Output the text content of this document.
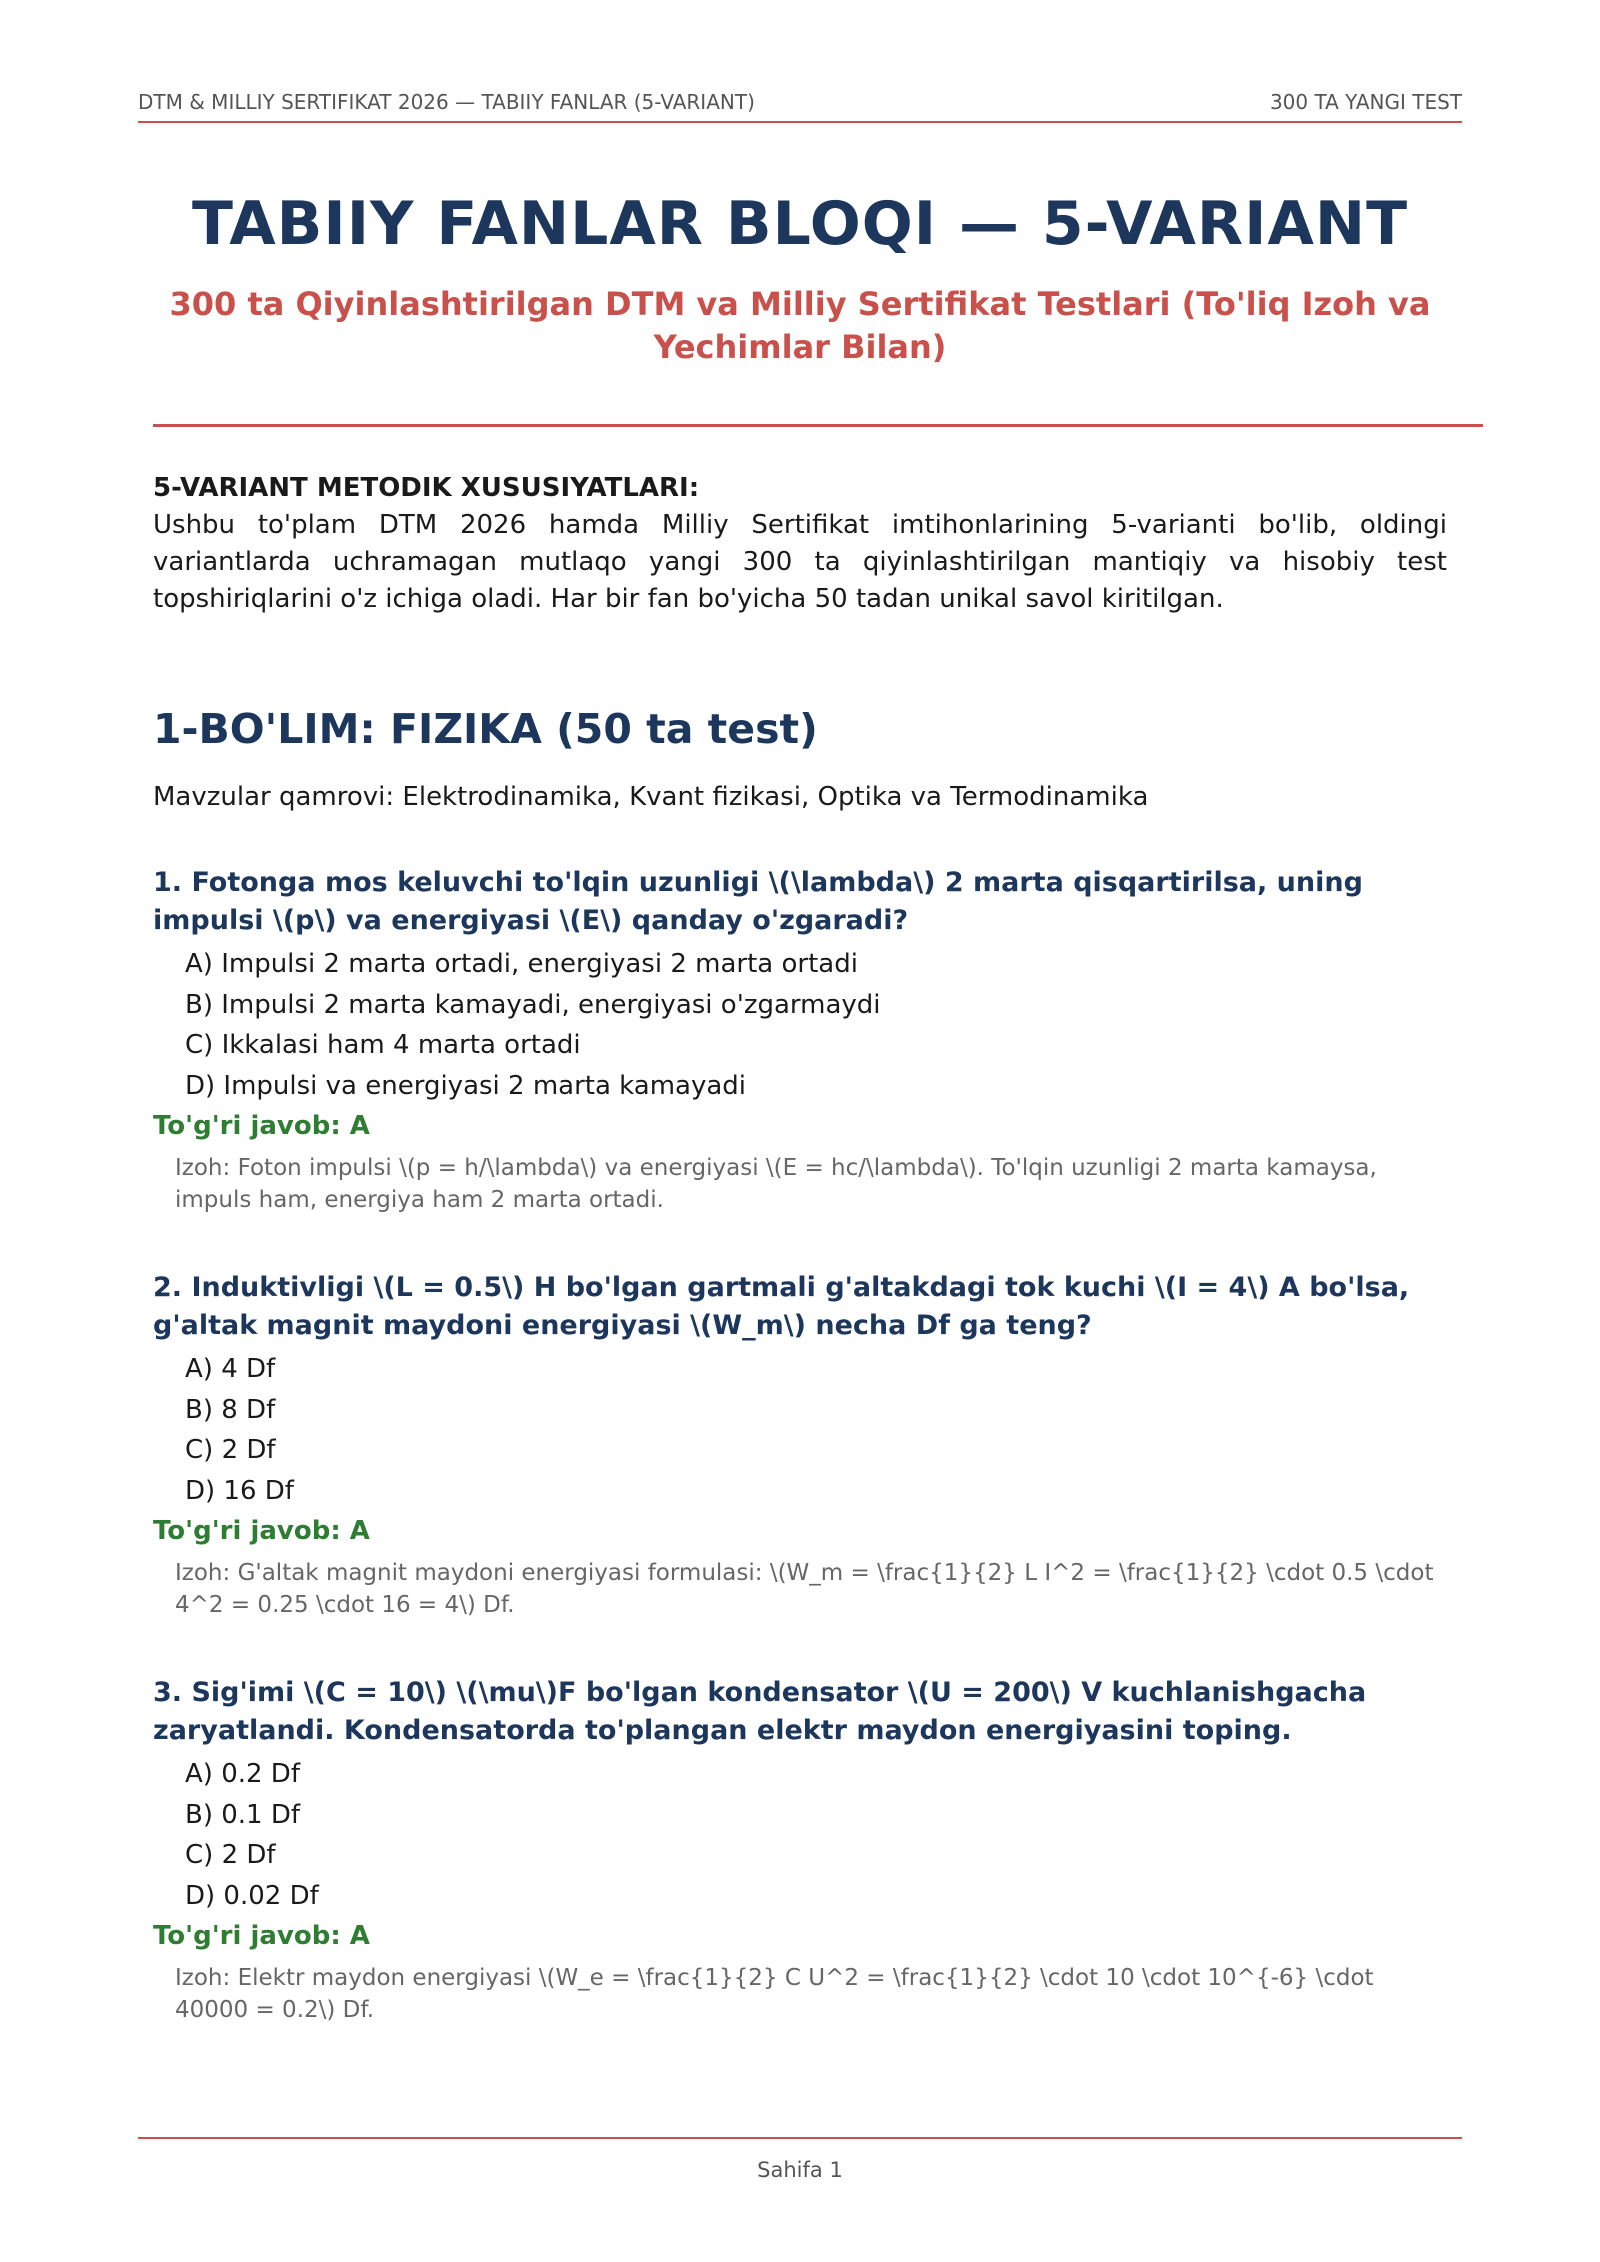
DTM & MILLIY SERTIFIKAT 2026 — TABIIY FANLAR (5-VARIANT)	300 TA YANGI TEST
TABIIY FANLAR BLOQI — 5-VARIANT
300 ta Qiyinlashtirilgan DTM va Milliy Sertifikat Testlari (To'liq Izoh va Yechimlar Bilan)
5-VARIANT METODIK XUSUSIYATLARI:
Ushbu to'plam DTM 2026 hamda Milliy Sertifikat imtihonlarining 5-varianti bo'lib, oldingi variantlarda uchramagan mutlaqo yangi 300 ta qiyinlashtirilgan mantiqiy va hisobiy test topshiriqlarini o'z ichiga oladi. Har bir fan bo'yicha 50 tadan unikal savol kiritilgan.
1-BO'LIM: FIZIKA (50 ta test)
Mavzular qamrovi: Elektrodinamika, Kvant fizikasi, Optika va Termodinamika
1. Fotonga mos keluvchi to'lqin uzunligi \(\lambda\) 2 marta qisqartirilsa, uning impulsi \(p\) va energiyasi \(E\) qanday o'zgaradi?
A) Impulsi 2 marta ortadi, energiyasi 2 marta ortadi
B) Impulsi 2 marta kamayadi, energiyasi o'zgarmaydi
C) Ikkalasi ham 4 marta ortadi
D) Impulsi va energiyasi 2 marta kamayadi
To'g'ri javob: A
Izoh: Foton impulsi \(p = h/\lambda\) va energiyasi \(E = hc/\lambda\). To'lqin uzunligi 2 marta kamaysa, impuls ham, energiya ham 2 marta ortadi.
2. Induktivligi \(L = 0.5\) H bo'lgan gartmali g'altakdagi tok kuchi \(I = 4\) A bo'lsa, g'altak magnit maydoni energiyasi \(W_m\) necha Df ga teng?
A) 4 Df
B) 8 Df
C) 2 Df
D) 16 Df
To'g'ri javob: A
Izoh: G'altak magnit maydoni energiyasi formulasi: \(W_m = \frac{1}{2} L I^2 = \frac{1}{2} \cdot 0.5 \cdot 4^2 = 0.25 \cdot 16 = 4\) Df.
3. Sig'imi \(C = 10\) \(\mu\)F bo'lgan kondensator \(U = 200\) V kuchlanishgacha zaryatlandi. Kondensatorda to'plangan elektr maydon energiyasini toping.
A) 0.2 Df
B) 0.1 Df
C) 2 Df
D) 0.02 Df
To'g'ri javob: A
Izoh: Elektr maydon energiyasi \(W_e = \frac{1}{2} C U^2 = \frac{1}{2} \cdot 10 \cdot 10^{-6} \cdot 40000 = 0.2\) Df.
Sahifa 1
